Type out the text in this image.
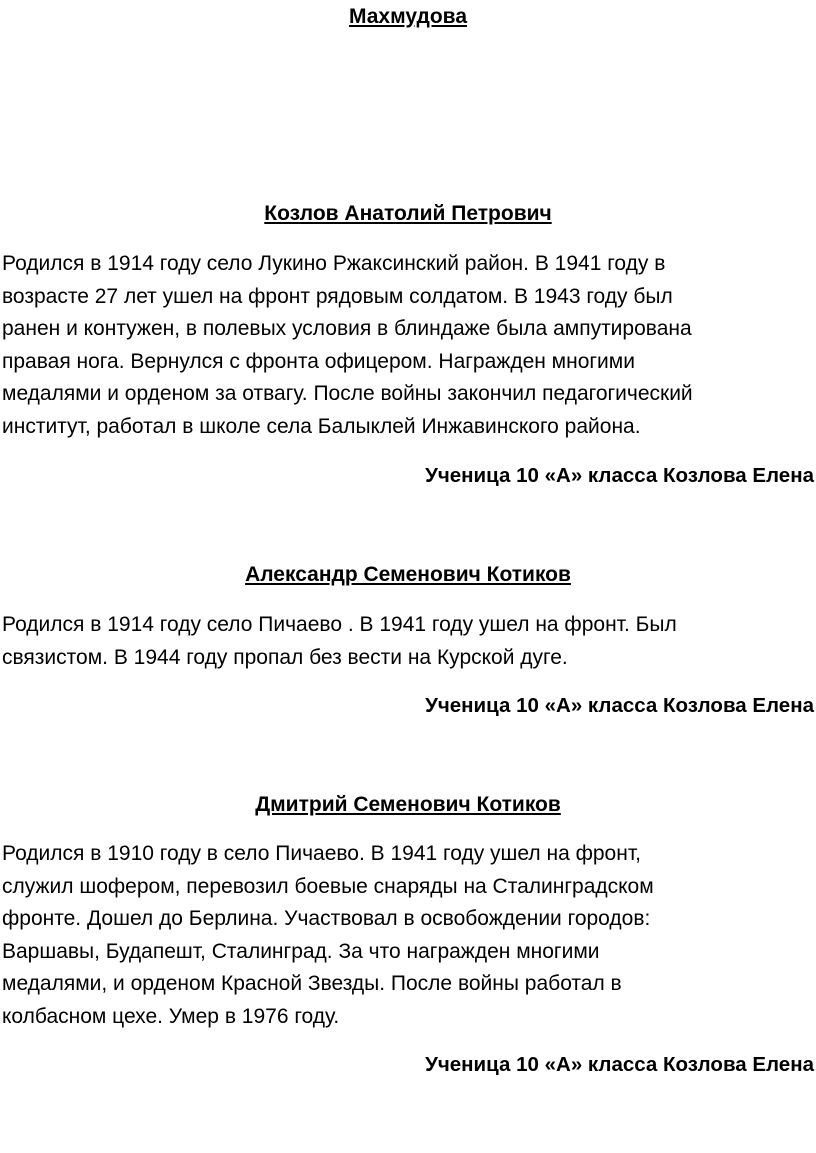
Махмудова
Козлов Анатолий Петрович
Родился в 1914 году село Лукино Ржаксинский район. В 1941 году в
возрасте 27 лет ушел на фронт рядовым солдатом. В 1943 году был
ранен и контужен, в полевых условия в блиндаже была ампутирована
правая нога. Вернулся с фронта офицером. Награжден многими
медалями и орденом за отвагу. После войны закончил педагогический
институт, работал в школе села Балыклей Инжавинского района.
Ученица 10 «А» класса Козлова Елена
Александр Семенович Котиков
Родился в 1914 году село Пичаево . В 1941 году ушел на фронт. Был
связистом. В 1944 году пропал без вести на Курской дуге.
Ученица 10 «А» класса Козлова Елена
Дмитрий Семенович Котиков
Родился в 1910 году в село Пичаево. В 1941 году ушел на фронт,
служил шофером, перевозил боевые снаряды на Сталинградском
фронте. Дошел до Берлина. Участвовал в освобождении городов:
Варшавы, Будапешт, Сталинград. За что награжден многими
медалями, и орденом Красной Звезды. После войны работал в
колбасном цехе. Умер в 1976 году.
Ученица 10 «А» класса Козлова Елена
